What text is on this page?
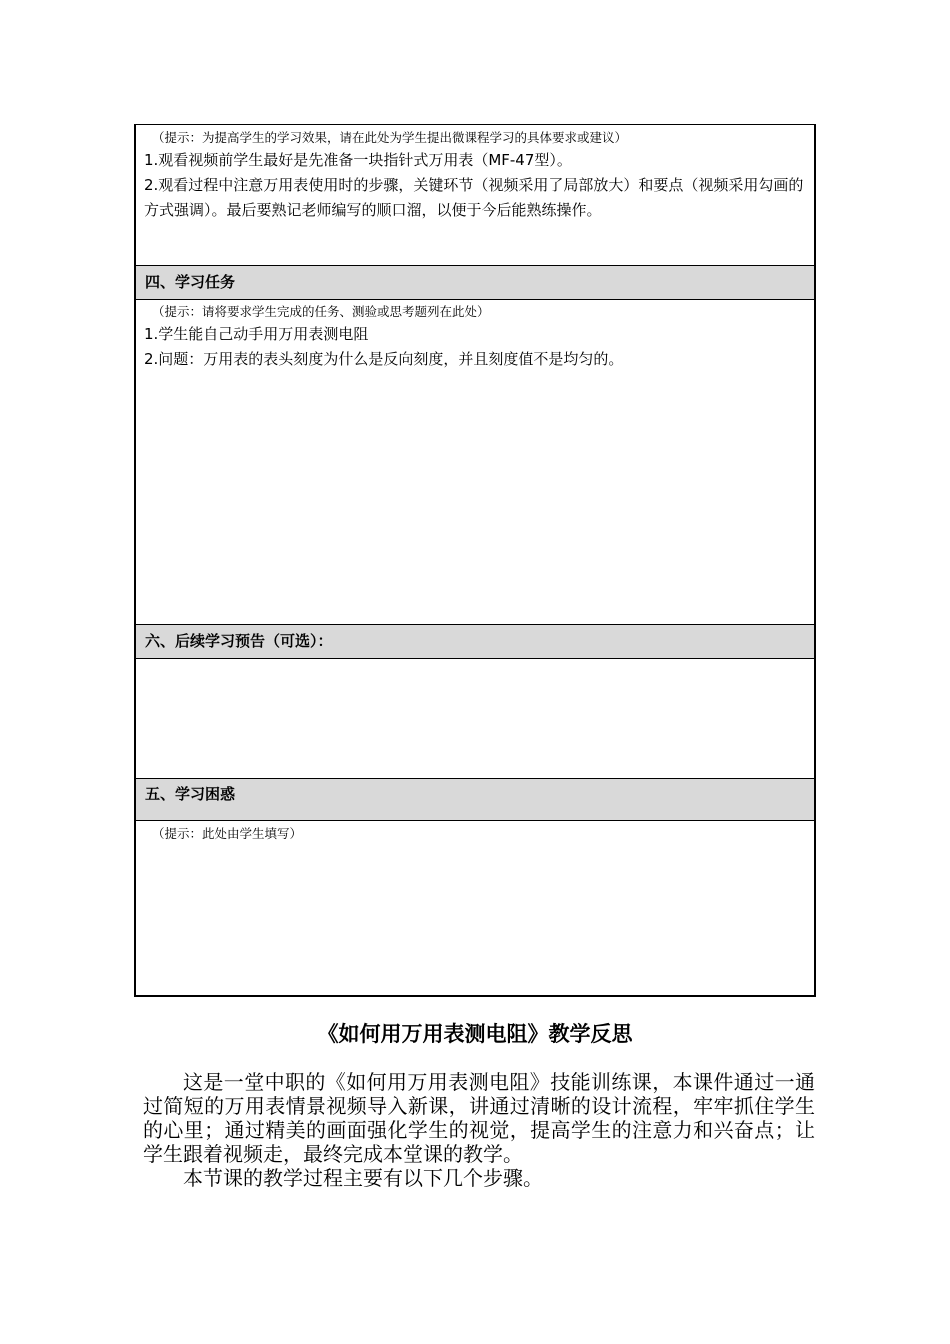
（提示：为提高学生的学习效果，请在此处为学生提出微课程学习的具体要求或建议）
1.观看视频前学生最好是先准备一块指针式万用表（MF-47型）。
2.观看过程中注意万用表使用时的步骤，关键环节（视频采用了局部放大）和要点（视频采用勾画的方式强调）。最后要熟记老师编写的顺口溜，以便于今后能熟练操作。
四、学习任务
（提示：请将要求学生完成的任务、测验或思考题列在此处）
1.学生能自己动手用万用表测电阻
2.问题：万用表的表头刻度为什么是反向刻度，并且刻度值不是均匀的。
六、后续学习预告（可选）：
五、学习困惑
（提示：此处由学生填写）
《如何用万用表测电阻》教学反思

这是一堂中职的《如何用万用表测电阻》技能训练课，本课件通过一通过简短的万用表情景视频导入新课，讲通过清晰的设计流程，牢牢抓住学生的心里；通过精美的画面强化学生的视觉，提高学生的注意力和兴奋点；让学生跟着视频走，最终完成本堂课的教学。

本节课的教学过程主要有以下几个步骤。
